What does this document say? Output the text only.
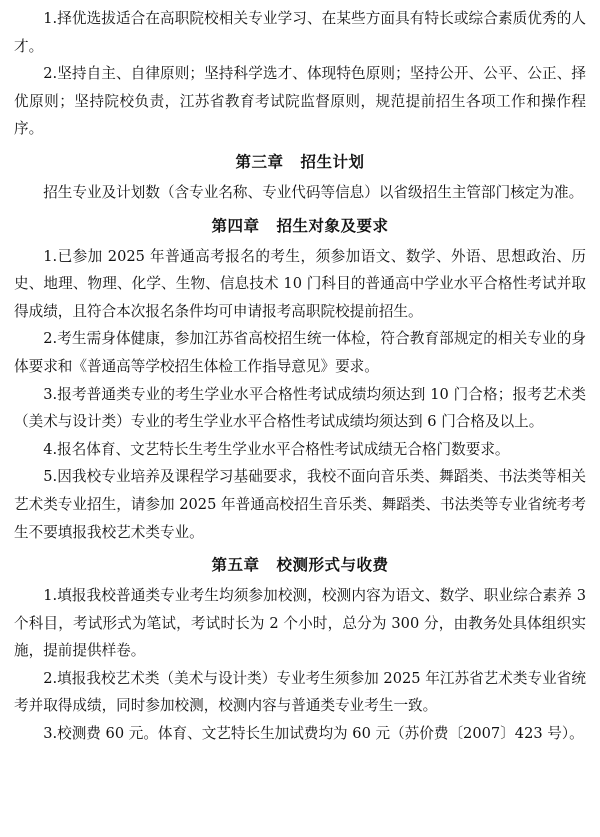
1.择优选拔适合在高职院校相关专业学习、在某些方面具有特长或综合素质优秀的人才。

2.坚持自主、自律原则；坚持科学选才、体现特色原则；坚持公开、公平、公正、择优原则；坚持院校负责，江苏省教育考试院监督原则，规范提前招生各项工作和操作程序。

第三章 招生计划

招生专业及计划数（含专业名称、专业代码等信息）以省级招生主管部门核定为准。

第四章 招生对象及要求

1.已参加 2025 年普通高考报名的考生，须参加语文、数学、外语、思想政治、历史、地理、物理、化学、生物、信息技术 10 门科目的普通高中学业水平合格性考试并取得成绩，且符合本次报名条件均可申请报考高职院校提前招生。

2.考生需身体健康，参加江苏省高校招生统一体检，符合教育部规定的相关专业的身体要求和《普通高等学校招生体检工作指导意见》要求。

3.报考普通类专业的考生学业水平合格性考试成绩均须达到 10 门合格；报考艺术类（美术与设计类）专业的考生学业水平合格性考试成绩均须达到 6 门合格及以上。

4.报名体育、文艺特长生考生学业水平合格性考试成绩无合格门数要求。

5.因我校专业培养及课程学习基础要求，我校不面向音乐类、舞蹈类、书法类等相关艺术类专业招生，请参加 2025 年普通高校招生音乐类、舞蹈类、书法类等专业省统考考生不要填报我校艺术类专业。

第五章 校测形式与收费

1.填报我校普通类专业考生均须参加校测，校测内容为语文、数学、职业综合素养 3 个科目，考试形式为笔试，考试时长为 2 个小时，总分为 300 分，由教务处具体组织实施，提前提供样卷。

2.填报我校艺术类（美术与设计类）专业考生须参加 2025 年江苏省艺术类专业省统考并取得成绩，同时参加校测，校测内容与普通类专业考生一致。

3.校测费 60 元。体育、文艺特长生加试费均为 60 元（苏价费〔2007〕423 号）。
